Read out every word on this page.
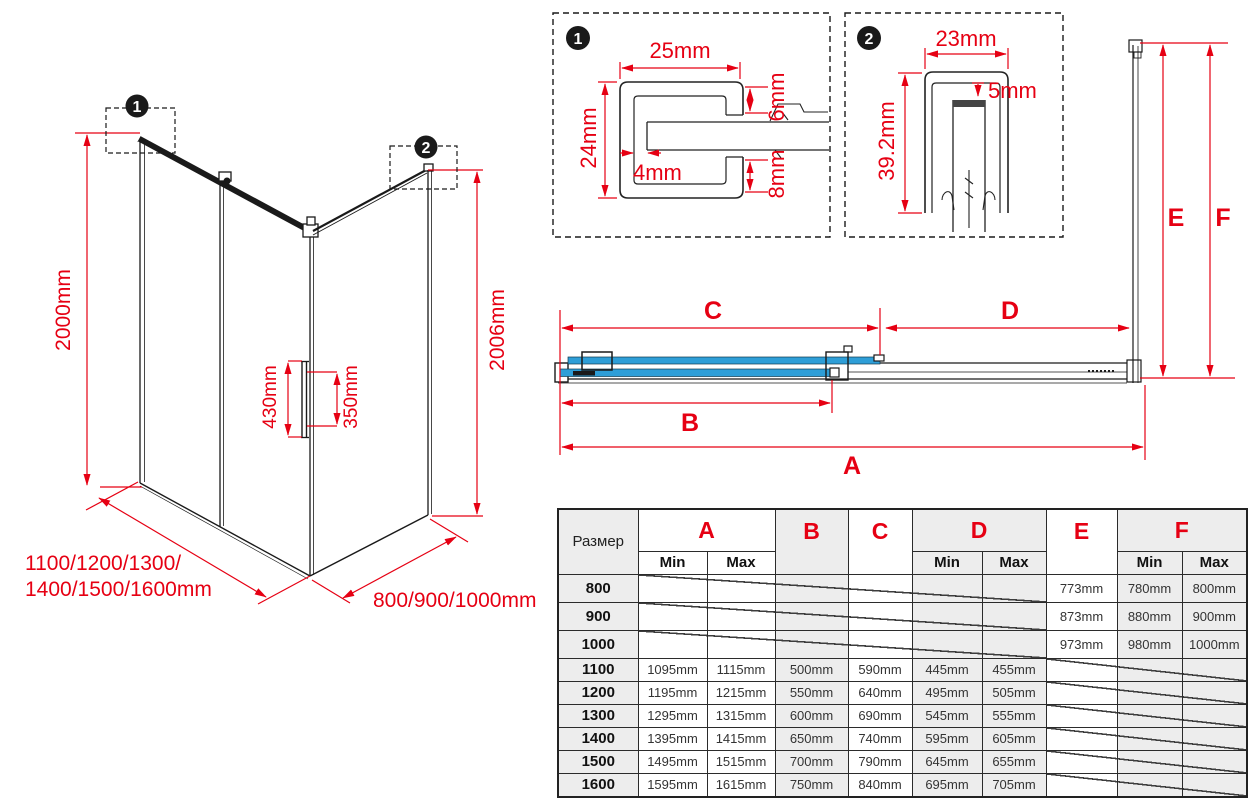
2000mm	2006mm
430mm	350mm
1100/1200/1300/
1400/1500/1600mm	800/900/1000mm
1
2
1	25mm
24mm
4mm
6mm
8mm
2	23mm
5mm
39.2mm
C	D
B
A
E F
Размер	A		B	C	D		E	F	
	Min	Max			Min	Max		Min	Max
800							773mm	780mm	800mm
900							873mm	880mm	900mm
1000							973mm	980mm	1000mm
1100	1095mm	1115mm	500mm	590mm	445mm	455mm			
1200	1195mm	1215mm	550mm	640mm	495mm	505mm			
1300	1295mm	1315mm	600mm	690mm	545mm	555mm			
1400	1395mm	1415mm	650mm	740mm	595mm	605mm			
1500	1495mm	1515mm	700mm	790mm	645mm	655mm			
1600	1595mm	1615mm	750mm	840mm	695mm	705mm			
